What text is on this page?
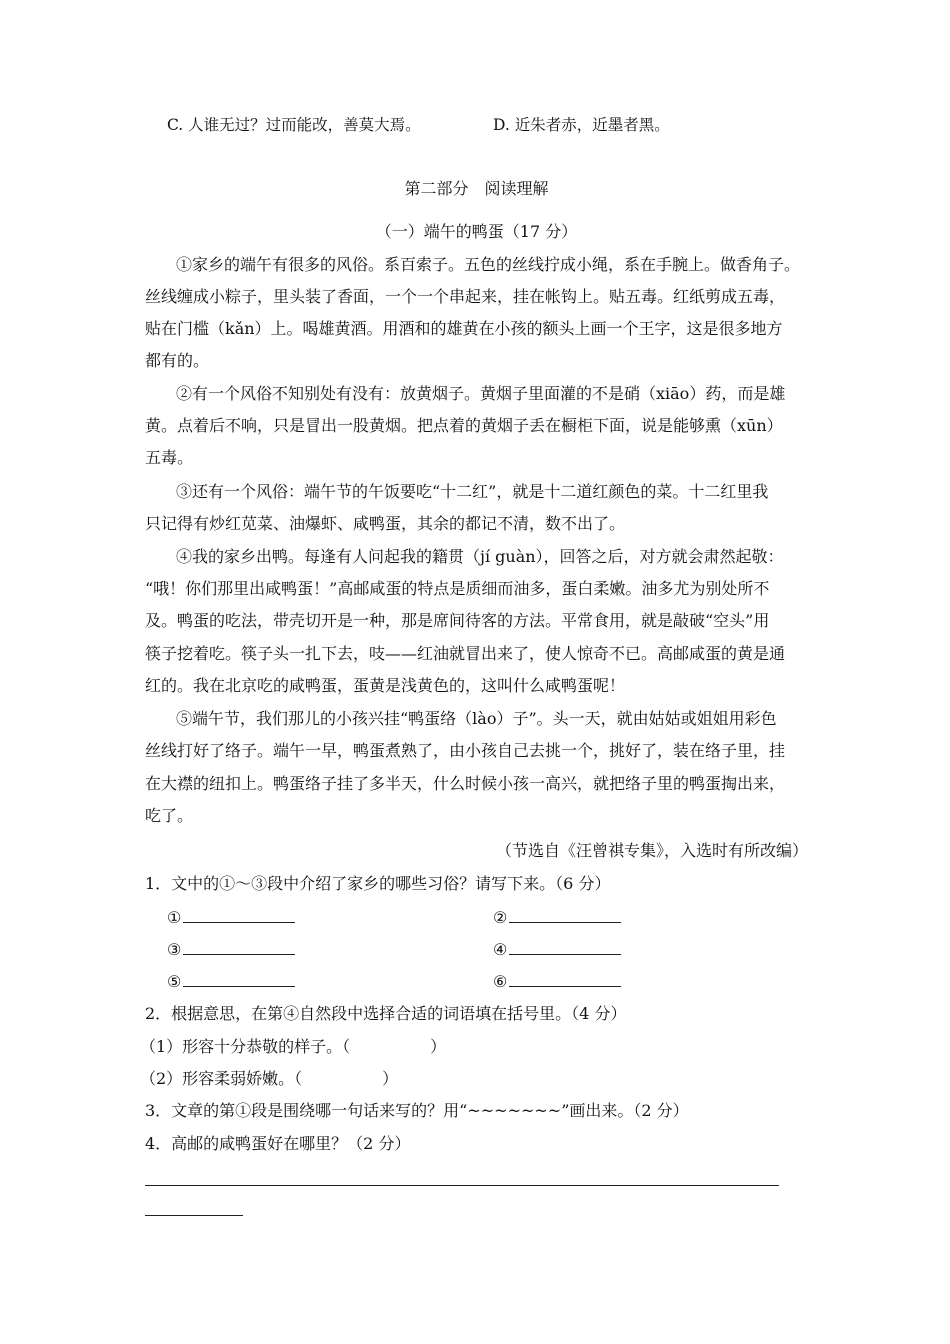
C. 人谁无过？过而能改，善莫大焉。	D. 近朱者赤，近墨者黑。
第二部分　阅读理解
（一）端午的鸭蛋（17 分）
①家乡的端午有很多的风俗。系百索子。五色的丝线拧成小绳，系在手腕上。做香角子。
丝线缠成小粽子，里头装了香面，一个一个串起来，挂在帐钩上。贴五毒。红纸剪成五毒，
贴在门槛（kǎn）上。喝雄黄酒。用酒和的雄黄在小孩的额头上画一个王字，这是很多地方
都有的。
②有一个风俗不知别处有没有：放黄烟子。黄烟子里面灌的不是硝（xiāo）药，而是雄
黄。点着后不响，只是冒出一股黄烟。把点着的黄烟子丢在橱柜下面，说是能够熏（xūn）
五毒。
③还有一个风俗：端午节的午饭要吃“十二红”，就是十二道红颜色的菜。十二红里我
只记得有炒红苋菜、油爆虾、咸鸭蛋，其余的都记不清，数不出了。
④我的家乡出鸭。每逢有人问起我的籍贯（jí guàn），回答之后，对方就会肃然起敬：
“哦！你们那里出咸鸭蛋！”高邮咸蛋的特点是质细而油多，蛋白柔嫩。油多尤为别处所不
及。鸭蛋的吃法，带壳切开是一种，那是席间待客的方法。平常食用，就是敲破“空头”用
筷子挖着吃。筷子头一扎下去，吱——红油就冒出来了，使人惊奇不已。高邮咸蛋的黄是通
红的。我在北京吃的咸鸭蛋，蛋黄是浅黄色的，这叫什么咸鸭蛋呢！
⑤端午节，我们那儿的小孩兴挂“鸭蛋络（lào）子”。头一天，就由姑姑或姐姐用彩色
丝线打好了络子。端午一早，鸭蛋煮熟了，由小孩自己去挑一个，挑好了，装在络子里，挂
在大襟的纽扣上。鸭蛋络子挂了多半天，什么时候小孩一高兴，就把络子里的鸭蛋掏出来，
吃了。
（节选自《汪曾祺专集》，入选时有所改编）
1．文中的①～③段中介绍了家乡的哪些习俗？请写下来。（6 分）
①	②
③	④
⑤	⑥
2．根据意思，在第④自然段中选择合适的词语填在括号里。（4 分）
（1）形容十分恭敬的样子。（　　　　　）
（2）形容柔弱娇嫩。（　　　　　）
3．文章的第①段是围绕哪一句话来写的？用“~~~~~~~”画出来。（2 分）
4．高邮的咸鸭蛋好在哪里？（2 分）
